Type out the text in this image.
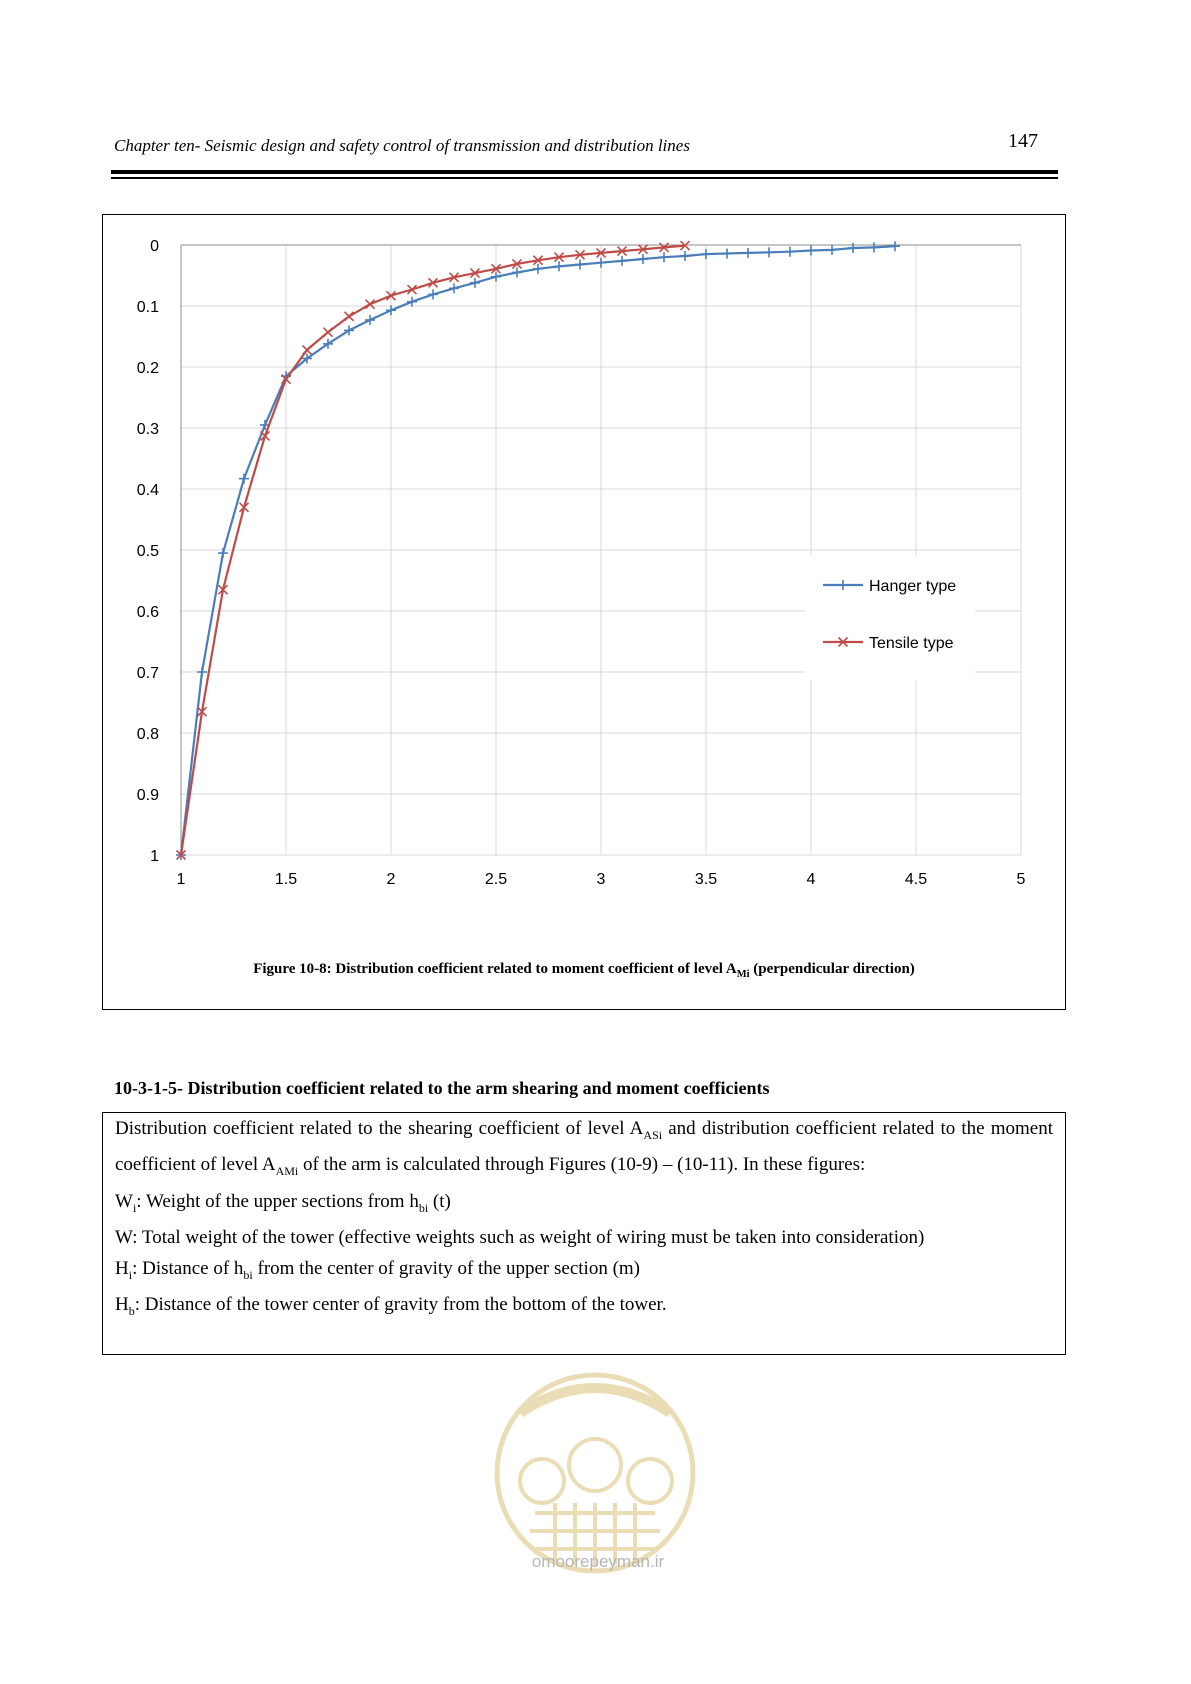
Chapter ten- Seismic design and safety control of transmission and distribution lines	147
0
0.1
0.2
0.3
0.4
0.5
0.6
0.7
0.8
0.9
1
1	1.5	2	2.5	3	3.5	4	4.5	5
Hanger type
Tensile type
Figure 10-8: Distribution coefficient related to moment coefficient of level $A_{Mi}$ (perpendicular direction)
10-3-1-5- Distribution coefficient related to the arm shearing and moment coefficients

Distribution coefficient related to the shearing coefficient of level $A_{ASi}$ and distribution coefficient related to the moment coefficient of level $A_{AMi}$ of the arm is calculated through Figures (10-9) – (10-11). In these figures:

$W_i$: Weight of the upper sections from $h_{bi}$ (t)

W: Total weight of the tower (effective weights such as weight of wiring must be taken into consideration)

$H_i$: Distance of $h_{bi}$ from the center of gravity of the upper section (m)

$H_b$: Distance of the tower center of gravity from the bottom of the tower.

omoorepeyman.ir
